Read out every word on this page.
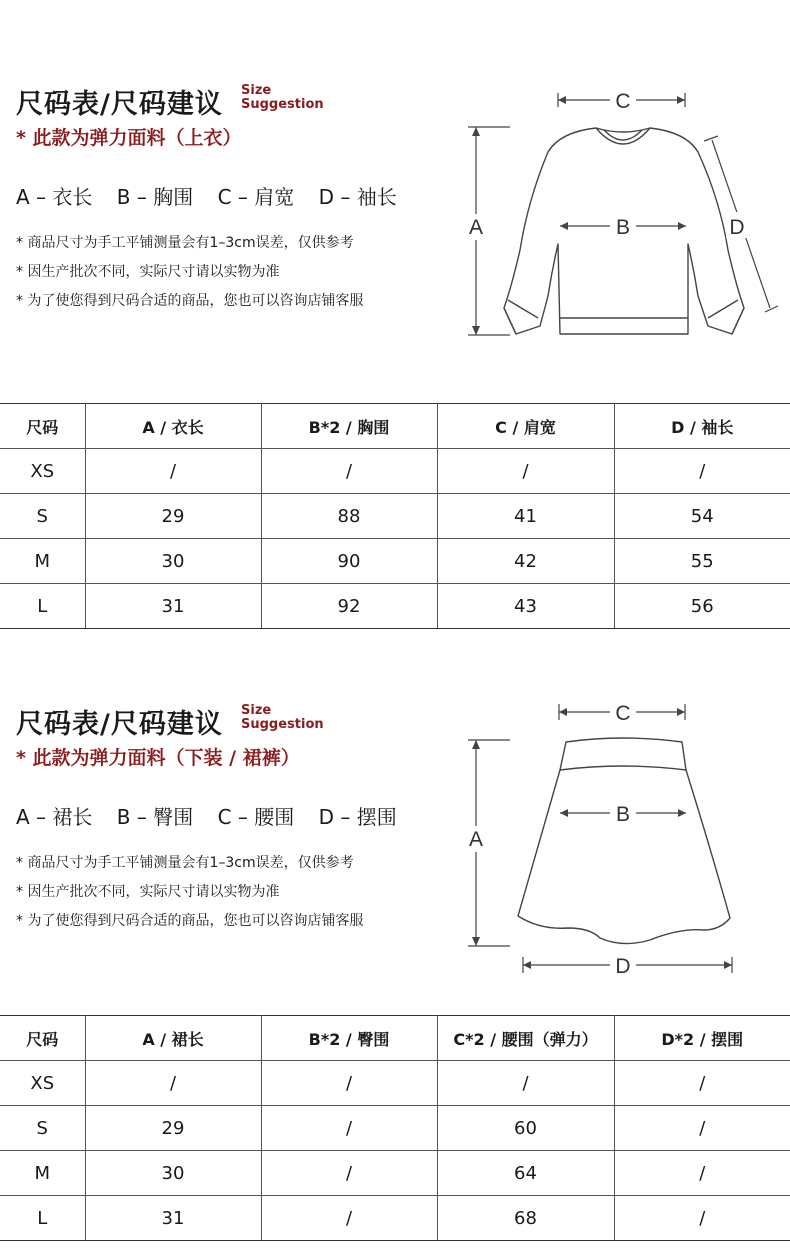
尺码表/尺码建议 Size
Suggestion
* 此款为弹力面料（上衣）
A – 衣长 B – 胸围 C – 肩宽 D – 袖长
* 商品尺寸为手工平铺测量会有1–3cm误差，仅供参考
* 因生产批次不同，实际尺寸请以实物为准
* 为了使您得到尺码合适的商品，您也可以咨询店铺客服
C
A	B	D
尺码	A / 衣长	B*2 / 胸围	C / 肩宽	D / 袖长
XS	/	/	/	/
S	29	88	41	54
M	30	90	42	55
L	31	92	43	56
尺码表/尺码建议 Size
Suggestion
* 此款为弹力面料（下装 / 裙裤）
A – 裙长 B – 臀围 C – 腰围 D – 摆围
* 商品尺寸为手工平铺测量会有1–3cm误差，仅供参考
* 因生产批次不同，实际尺寸请以实物为准
* 为了使您得到尺码合适的商品，您也可以咨询店铺客服
C
A
B
D
尺码	A / 裙长	B*2 / 臀围	C*2 / 腰围（弹力）	D*2 / 摆围
XS	/	/	/	/
S	29	/	60	/
M	30	/	64	/
L	31	/	68	/
